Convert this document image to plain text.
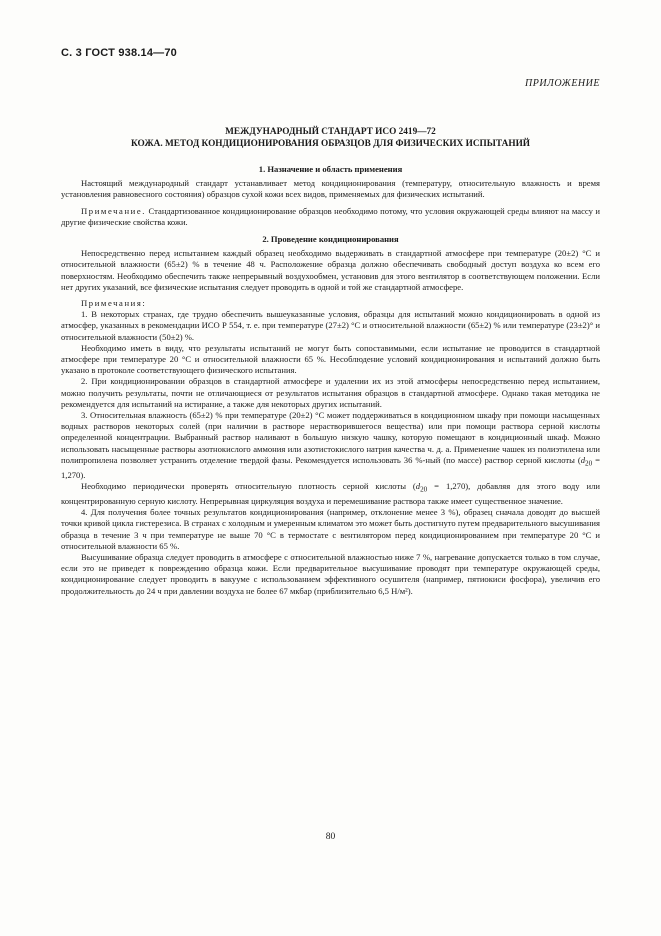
С. 3 ГОСТ 938.14—70
ПРИЛОЖЕНИЕ
МЕЖДУНАРОДНЫЙ СТАНДАРТ ИСО 2419—72
КОЖА. МЕТОД КОНДИЦИОНИРОВАНИЯ ОБРАЗЦОВ ДЛЯ ФИЗИЧЕСКИХ ИСПЫТАНИЙ
1. Назначение и область применения

Настоящий международный стандарт устанавливает метод кондиционирования (температуру, относительную влажность и время установления равновесного состояния) образцов сухой кожи всех видов, применяемых для физических испытаний.

Примечание. Стандартизованное кондиционирование образцов необходимо потому, что условия окружающей среды влияют на массу и другие физические свойства кожи.

2. Проведение кондиционирования

Непосредственно перед испытанием каждый образец необходимо выдерживать в стандартной атмосфере при температуре (20±2) °С и относительной влажности (65±2) % в течение 48 ч. Расположение образца должно обеспечивать свободный доступ воздуха ко всем его поверхностям. Необходимо обеспечить также непрерывный воздухообмен, установив для этого вентилятор в соответствующем положении. Если нет других указаний, все физические испытания следует проводить в одной и той же стандартной атмосфере.

Примечания:

1. В некоторых странах, где трудно обеспечить вышеуказанные условия, образцы для испытаний можно кондиционировать в одной из атмосфер, указанных в рекомендации ИСО Р 554, т. е. при температуре (27±2) °С и относительной влажности (65±2) % или температуре (23±2)° и относительной влажности (50±2) %.

Необходимо иметь в виду, что результаты испытаний не могут быть сопоставимыми, если испытание не проводится в стандартной атмосфере при температуре 20 °С и относительной влажности 65 %. Несоблюдение условий кондиционирования и испытаний должно быть указано в протоколе соответствующего физического испытания.

2. При кондиционировании образцов в стандартной атмосфере и удалении их из этой атмосферы непосредственно перед испытанием, можно получить результаты, почти не отличающиеся от результатов испытания образцов в стандартной атмосфере. Однако такая методика не рекомендуется для испытаний на истирание, а также для некоторых других испытаний.

3. Относительная влажность (65±2) % при температуре (20±2) °С может поддерживаться в кондиционном шкафу при помощи насыщенных водных растворов некоторых солей (при наличии в растворе нерастворившегося вещества) или при помощи раствора серной кислоты определенной концентрации. Выбранный раствор наливают в большую низкую чашку, которую помещают в кондиционный шкаф. Можно использовать насыщенные растворы азотнокислого аммония или азотистокислого натрия качества ч. д. а. Применение чашек из полиэтилена или полипропилена позволяет устранить отделение твердой фазы. Рекомендуется использовать 36 %-ный (по массе) раствор серной кислоты $(d_{20} = 1,270)$.

Необходимо периодически проверять относительную плотность серной кислоты $(d_{20} = 1,270)$, добавляя для этого воду или концентрированную серную кислоту. Непрерывная циркуляция воздуха и перемешивание раствора также имеет существенное значение.

4. Для получения более точных результатов кондиционирования (например, отклонение менее 3 %), образец сначала доводят до высшей точки кривой цикла гистерезиса. В странах с холодным и умеренным климатом это может быть достигнуто путем предварительного высушивания образца в течение 3 ч при температуре не выше 70 °С в термостате с вентилятором перед кондиционированием при температуре 20 °С и относительной влажности 65 %.

Высушивание образца следует проводить в атмосфере с относительной влажностью ниже 7 %, нагревание допускается только в том случае, если это не приведет к повреждению образца кожи. Если предварительное высушивание проводят при температуре окружающей среды, кондиционирование следует проводить в вакууме с использованием эффективного осушителя (например, пятиокиси фосфора), увеличив его продолжительность до 24 ч при давлении воздуха не более 67 мкбар (приблизительно 6,5 Н/м²).

80
